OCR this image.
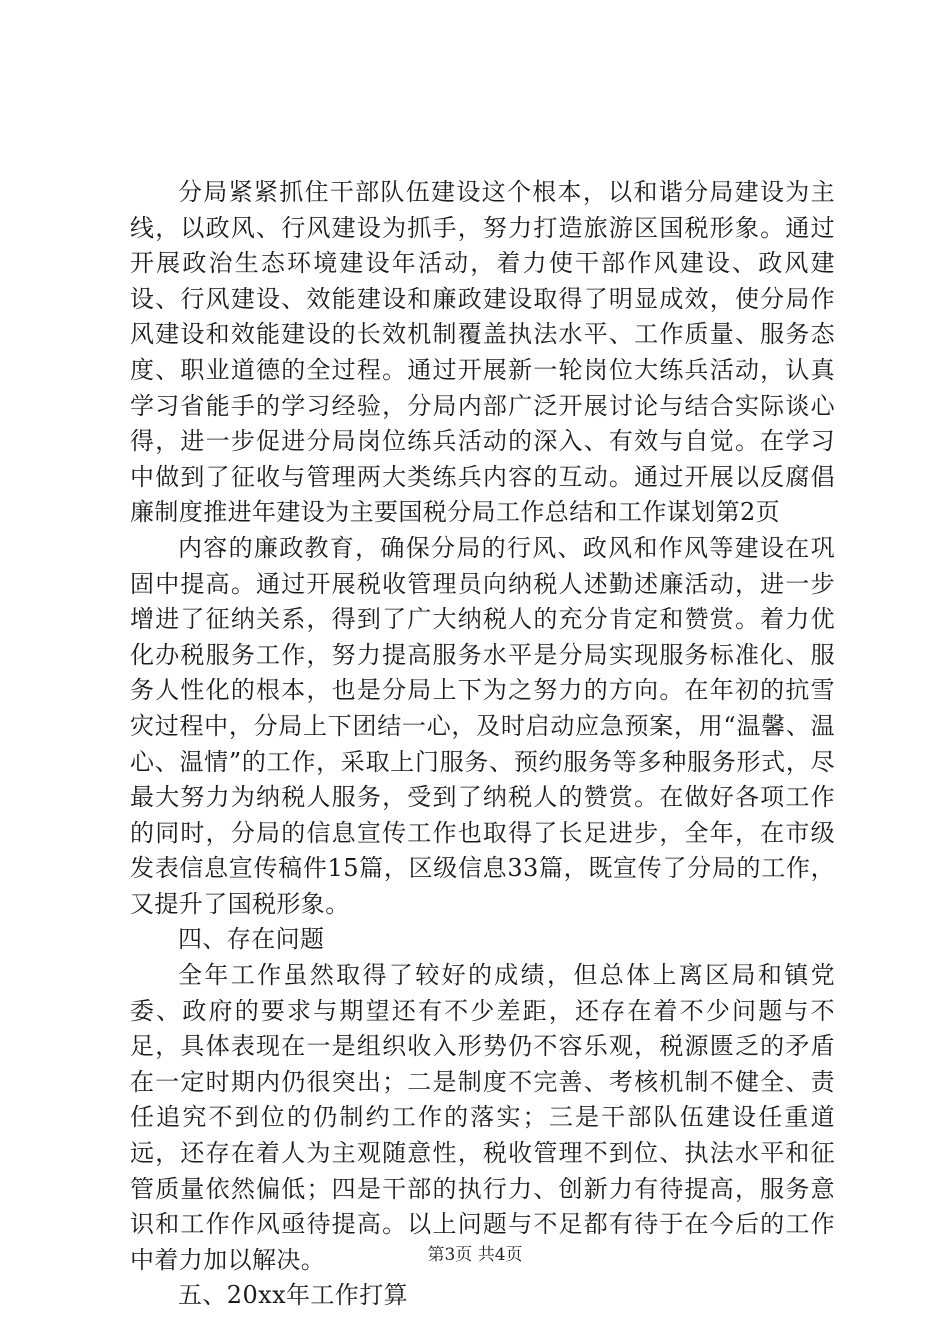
分局紧紧抓住干部队伍建设这个根本，以和谐分局建设为主线，以政风、行风建设为抓手，努力打造旅游区国税形象。通过开展政治生态环境建设年活动，着力使干部作风建设、政风建设、行风建设、效能建设和廉政建设取得了明显成效，使分局作风建设和效能建设的长效机制覆盖执法水平、工作质量、服务态度、职业道德的全过程。通过开展新一轮岗位大练兵活动，认真学习省能手的学习经验，分局内部广泛开展讨论与结合实际谈心得，进一步促进分局岗位练兵活动的深入、有效与自觉。在学习中做到了征收与管理两大类练兵内容的互动。通过开展以反腐倡廉制度推进年建设为主要国税分局工作总结和工作谋划第2页

内容的廉政教育，确保分局的行风、政风和作风等建设在巩固中提高。通过开展税收管理员向纳税人述勤述廉活动，进一步增进了征纳关系，得到了广大纳税人的充分肯定和赞赏。着力优化办税服务工作，努力提高服务水平是分局实现服务标准化、服务人性化的根本，也是分局上下为之努力的方向。在年初的抗雪灾过程中，分局上下团结一心，及时启动应急预案，用“温馨、温心、温情”的工作，采取上门服务、预约服务等多种服务形式，尽最大努力为纳税人服务，受到了纳税人的赞赏。在做好各项工作的同时，分局的信息宣传工作也取得了长足进步，全年，在市级发表信息宣传稿件15篇，区级信息33篇，既宣传了分局的工作，又提升了国税形象。

四、存在问题

全年工作虽然取得了较好的成绩，但总体上离区局和镇党委、政府的要求与期望还有不少差距，还存在着不少问题与不足，具体表现在一是组织收入形势仍不容乐观，税源匮乏的矛盾在一定时期内仍很突出；二是制度不完善、考核机制不健全、责任追究不到位的仍制约工作的落实；三是干部队伍建设任重道远，还存在着人为主观随意性，税收管理不到位、执法水平和征管质量依然偏低；四是干部的执行力、创新力有待提高，服务意识和工作作风亟待提高。以上问题与不足都有待于在今后的工作中着力加以解决。

五、20xx年工作打算

第3页 共4页
